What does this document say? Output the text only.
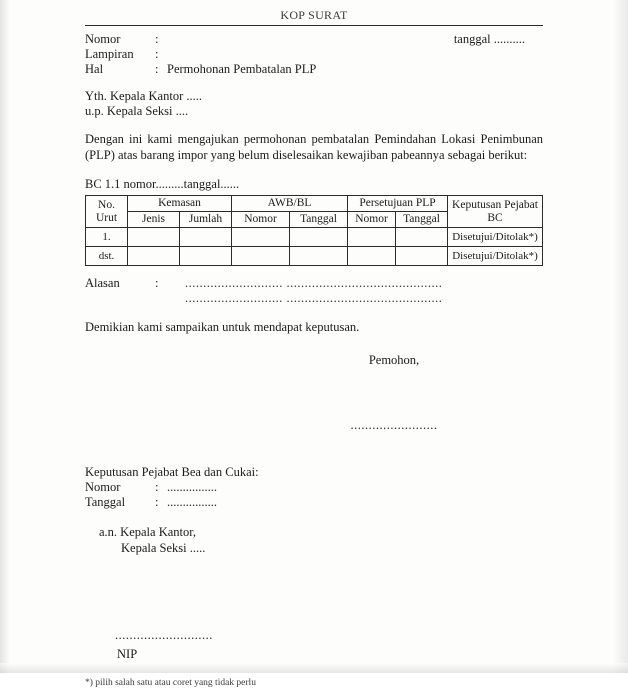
KOP SURAT
Nomor	:
Lampiran	:
Hal	: Permohonan Pembatalan PLP
tanggal ..........
Yth. Kepala Kantor .....
u.p. Kepala Seksi ....

Dengan ini kami mengajukan permohonan pembatalan Pemindahan Lokasi Penimbunan (PLP) atas barang impor yang belum diselesaikan kewajiban pabeannya sebagai berikut:

BC 1.1 nomor.........tanggal......
No. Urut	Kemasan		AWB/BL		Persetujuan PLP		Keputusan Pejabat BC
	Jenis	Jumlah	Nomor	Tanggal	Nomor	Tanggal	
1.							Disetujui/Ditolak*)
dst.							Disetujui/Ditolak*)
Alasan	:	........................... ...........................................
........................... ...........................................
Demikian kami sampaikan untuk mendapat keputusan.
Pemohon,
........................
Keputusan Pejabat Bea dan Cukai:
Nomor	: ................
Tanggal	: ................
a.n. Kepala Kantor,
Kepala Seksi .....
...........................
NIP
*) pilih salah satu atau coret yang tidak perlu
